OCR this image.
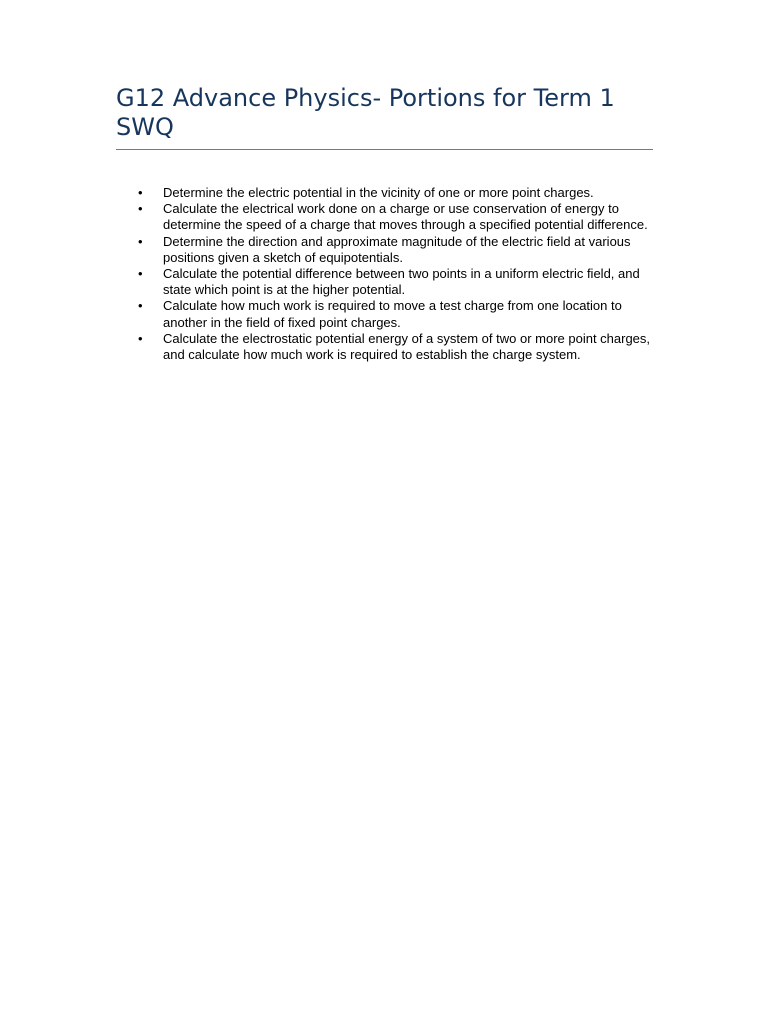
G12 Advance Physics- Portions for Term 1 SWQ
•	Determine the electric potential in the vicinity of one or more point charges.
•	Calculate the electrical work done on a charge or use conservation of energy to determine the speed of a charge that moves through a specified potential difference.
•	Determine the direction and approximate magnitude of the electric field at various positions given a sketch of equipotentials.
•	Calculate the potential difference between two points in a uniform electric field, and state which point is at the higher potential.
•	Calculate how much work is required to move a test charge from one location to another in the field of fixed point charges.
•	Calculate the electrostatic potential energy of a system of two or more point charges, and calculate how much work is required to establish the charge system.
